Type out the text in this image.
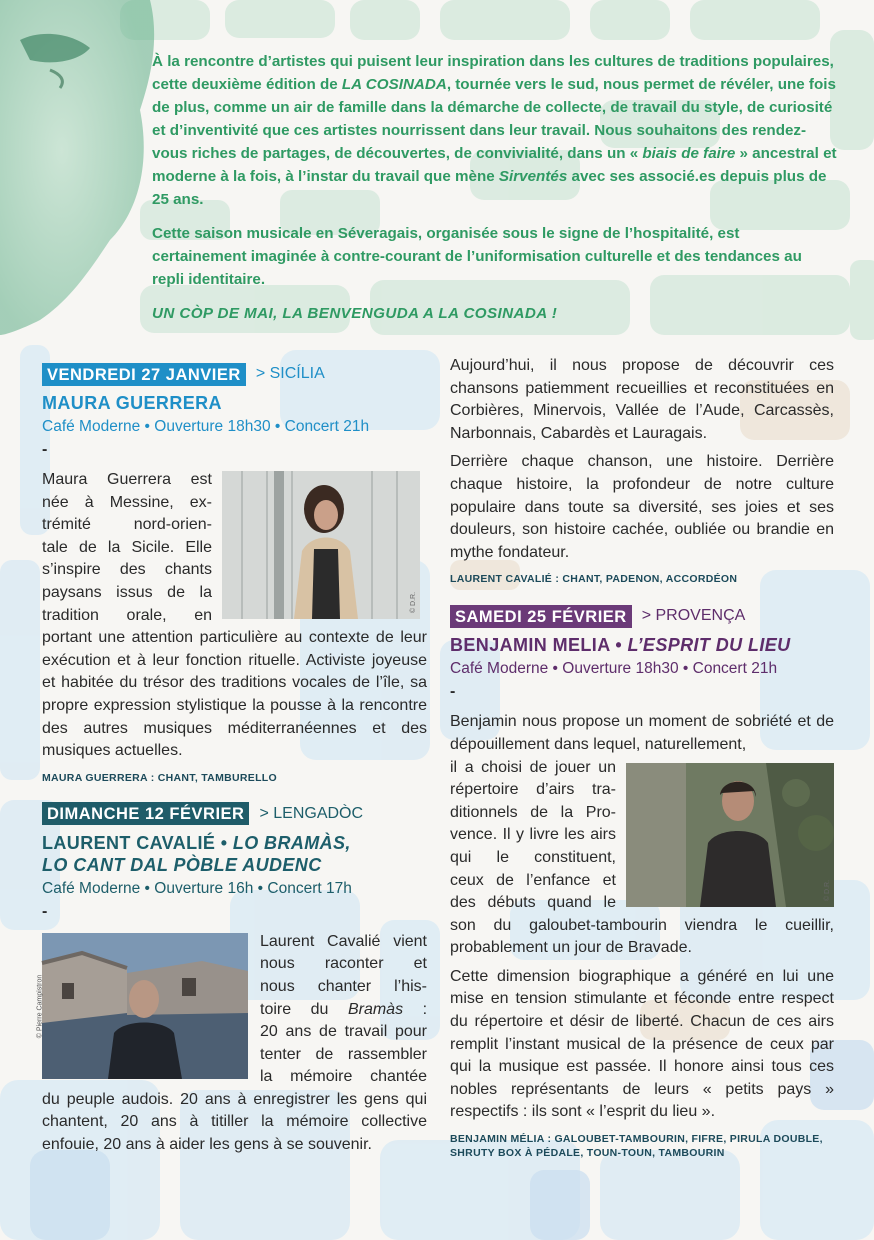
À la rencontre d’artistes qui puisent leur inspiration dans les cultures de traditions populaires, cette deuxième édition de LA COSINADA, tournée vers le sud, nous permet de révéler, une fois de plus, comme un air de famille dans la démarche de collecte, de travail du style, de curiosité et d’inventivité que ces artistes nourrissent dans leur travail. Nous souhaitons des rendez-vous riches de partages, de découvertes, de convivialité, dans un « biais de faire » ancestral et moderne à la fois, à l’instar du travail que mène Sirventés avec ses associé.es depuis plus de 25 ans.

Cette saison musicale en Séveragais, organisée sous le signe de l’hospitalité, est certainement imaginée à contre-courant de l’uniformisation culturelle et des tendances au repli identitaire.

UN CÒP DE MAI, LA BENVENGUDA A LA COSINADA !

VENDREDI 27 JANVIER > SICÍLIA
MAURA GUERRERA
Café Moderne • Ouverture 18h30 • Concert 21h
-
Maura Guerrera est
née à Messine, ex-
trémité nord-orien-
tale de la Sicile. Elle
s’inspire des chants
paysans issus de la
tradition orale, en
© D.R.

portant une attention particulière au contexte de leur exécution et à leur fonction rituelle. Activiste joyeuse et habitée du trésor des traditions vocales de l’île, sa propre expression stylistique la pousse à la rencontre des autres musiques méditerranéennes et des musiques actuelles.

MAURA GUERRERA : CHANT, TAMBURELLO
DIMANCHE 12 FÉVRIER > LENGADÒC
LAURENT CAVALIÉ • LO BRAMÀS,
LO CANT DAL PÒBLE AUDENC
Café Moderne • Ouverture 16h • Concert 17h
-
© Pierre Campistron
Laurent Cavalié vient
nous raconter et
nous chanter l’his-
toire du Bramàs :
20 ans de travail pour
tenter de rassembler
la mémoire chantée

du peuple audois. 20 ans à enregistrer les gens qui chantent, 20 ans à titiller la mémoire collective enfouie, 20 ans à aider les gens à se souvenir.

Aujourd’hui, il nous propose de découvrir ces chansons patiemment recueillies et reconstituées en Corbières, Minervois, Vallée de l’Aude, Carcassès, Narbonnais, Cabardès et Lauragais.

Derrière chaque chanson, une histoire. Derrière chaque histoire, la profondeur de notre culture populaire dans toute sa diversité, ses joies et ses douleurs, son histoire cachée, oubliée ou brandie en mythe fondateur.

LAURENT CAVALIÉ : CHANT, PADENON, ACCORDÉON
SAMEDI 25 FÉVRIER > PROVENÇA
BENJAMIN MELIA • L’ESPRIT DU LIEU
Café Moderne • Ouverture 18h30 • Concert 21h
-

Benjamin nous propose un moment de sobriété et de dépouillement dans lequel, naturellement,

il a choisi de jouer un
répertoire d’airs tra-
ditionnels de la Pro-
vence. Il y livre les airs
qui le constituent,
ceux de l’enfance et
des débuts quand le
© D.R.

son du galoubet-tambourin viendra le cueillir, probablement un jour de Bravade.

Cette dimension biographique a généré en lui une mise en tension stimulante et féconde entre respect du répertoire et désir de liberté. Chacun de ces airs remplit l’instant musical de la présence de ceux par qui la musique est passée. Il honore ainsi tous ces nobles représentants de leurs « petits pays » respectifs : ils sont « l’esprit du lieu ».

BENJAMIN MÉLIA : GALOUBET-TAMBOURIN, FIFRE, PIRULA DOUBLE, SHRUTY BOX À PÉDALE, TOUN-TOUN, TAMBOURIN
